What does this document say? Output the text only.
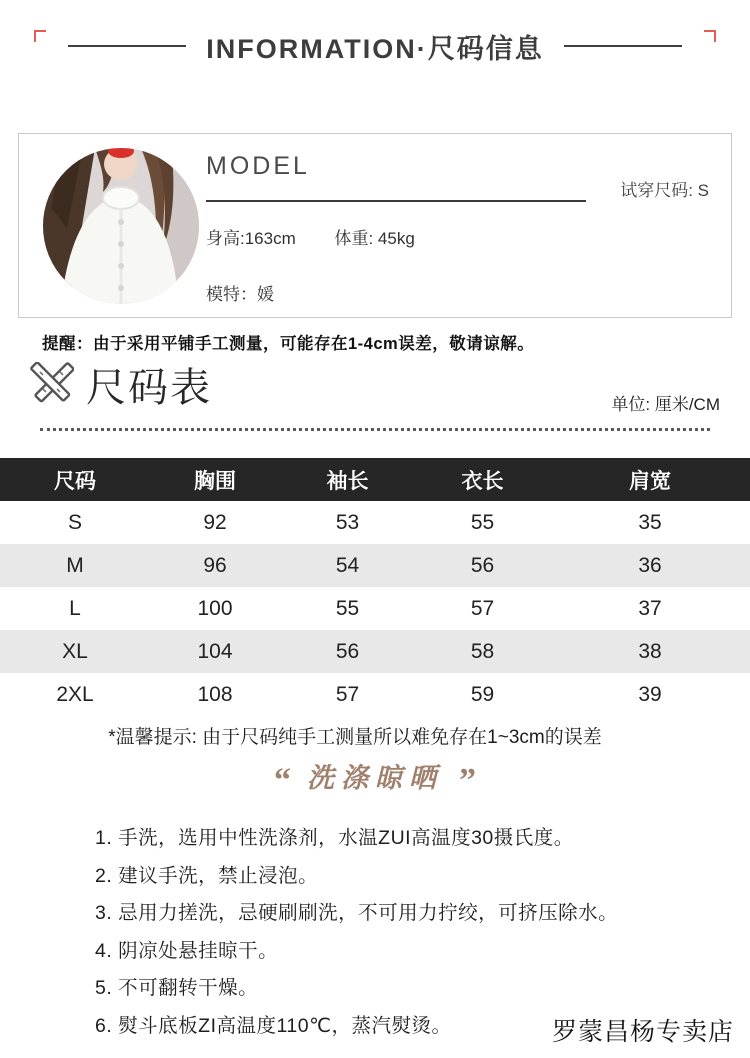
INFORMATION·尺码信息
MODEL
试穿尺码: S
身高:163cm 体重: 45kg
模特：媛
提醒：由于采用平铺手工测量，可能存在1-4cm误差，敬请谅解。
尺码表	单位: 厘米/CM
尺码	胸围	袖长	衣长	肩宽
S	92	53	55	35
M	96	54	56	36
L	100	55	57	37
XL	104	56	58	38
2XL	108	57	59	39
*温馨提示: 由于尺码纯手工测量所以难免存在1~3cm的误差
“ 洗涤晾晒 ”
1. 手洗，选用中性洗涤剂，水温ZUI高温度30摄氏度。
2. 建议手洗，禁止浸泡。
3. 忌用力搓洗，忌硬刷刷洗，不可用力拧绞，可挤压除水。
4. 阴凉处悬挂晾干。
5. 不可翻转干燥。
6. 熨斗底板ZI高温度110℃，蒸汽熨烫。	罗蒙昌杨专卖店
